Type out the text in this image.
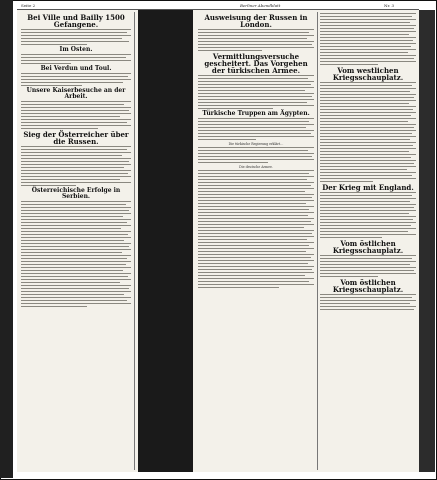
Seite 2	Berliner Abendblatt	Nr. 3
Bei Ville und Bailly 1500 Gefangene.
Im Osten.
Bei Verdun und Toul.
Unsere Kaiserbesuche an der Arbeit.
Sieg der Österreicher über die Russen.
Österreichische Erfolge in Serbien.
Ausweisung der Russen in London.
Vermittlungsversuche gescheitert. Das Vorgehen der türkischen Armee.
Türkische Truppen am Ägypten.
Die türkische Regierung erklärt…
Die deutsche Armee.
Vom westlichen Kriegsschauplatz.
Der Krieg mit England.
Vom östlichen Kriegsschauplatz.
Vom östlichen Kriegsschauplatz.
